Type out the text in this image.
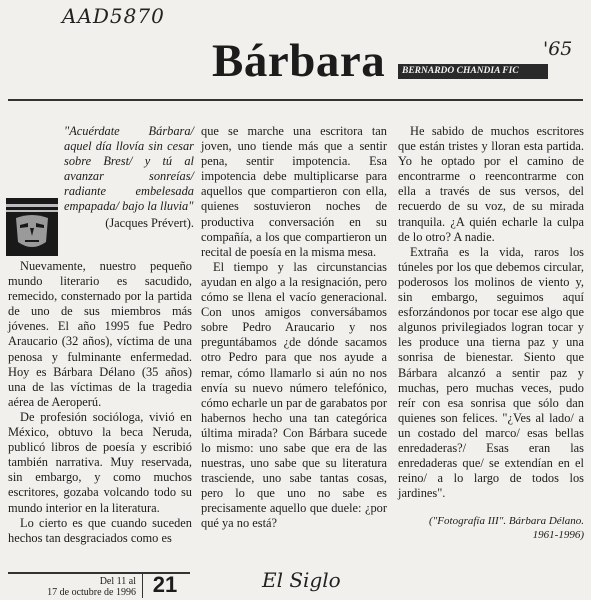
AAD5870
'65
Bárbara	BERNARDO CHANDIA FIC

"Acuérdate Bárbara/ aquel día llovía sin cesar sobre Brest/ y tú al avanzar sonreías/ radiante embelesada empapada/ bajo la lluvia"

(Jacques Prévert).

Nuevamente, nuestro pequeño mundo literario es sacudido, remecido, consternado por la partida de uno de sus miembros más jóvenes. El año 1995 fue Pedro Araucario (32 años), víctima de una penosa y fulminante enfermedad. Hoy es Bárbara Délano (35 años) una de las víctimas de la tragedia aérea de Aeroperú.

De profesión socióloga, vivió en México, obtuvo la beca Neruda, publicó libros de poesía y escribió también narrativa. Muy reservada, sin embargo, y como muchos escritores, gozaba volcando todo su mundo interior en la literatura.

Lo cierto es que cuando suceden hechos tan desgraciados como es

que se marche una escritora tan joven, uno tiende más que a sentir pena, sentir impotencia. Esa impotencia debe multiplicarse para aquellos que compartieron con ella, quienes sostuvieron noches de productiva conversación en su compañía, a los que compartieron un recital de poesía en la misma mesa.

El tiempo y las circunstancias ayudan en algo a la resignación, pero cómo se llena el vacío generacional. Con unos amigos conversábamos sobre Pedro Araucario y nos preguntábamos ¿de dónde sacamos otro Pedro para que nos ayude a remar, cómo llamarlo si aún no nos envía su nuevo número telefónico, cómo echarle un par de garabatos por habernos hecho una tan categórica última mirada? Con Bárbara sucede lo mismo: uno sabe que era de las nuestras, uno sabe que su literatura trasciende, uno sabe tantas cosas, pero lo que uno no sabe es precisamente aquello que duele: ¿por qué ya no está?

He sabido de muchos escritores que están tristes y lloran esta partida. Yo he optado por el camino de encontrarme o reencontrarme con ella a través de sus versos, del recuerdo de su voz, de su mirada tranquila. ¿A quién echarle la culpa de lo otro? A nadie.

Extraña es la vida, raros los túneles por los que debemos circular, poderosos los molinos de viento y, sin embargo, seguimos aquí esforzándonos por tocar ese algo que algunos privilegiados logran tocar y les produce una tierna paz y una sonrisa de bienestar. Siento que Bárbara alcanzó a sentir paz y muchas, pero muchas veces, pudo reír con esa sonrisa que sólo dan quienes son felices. "¿Ves al lado/ a un costado del marco/ esas bellas enredaderas?/ Esas eran las enredaderas que/ se extendían en el reino/ a lo largo de todos los jardines".

("Fotografía III". Bárbara Délano.
1961-1996)
Del 11 al
17 de octubre de 1996 21	El Siglo
